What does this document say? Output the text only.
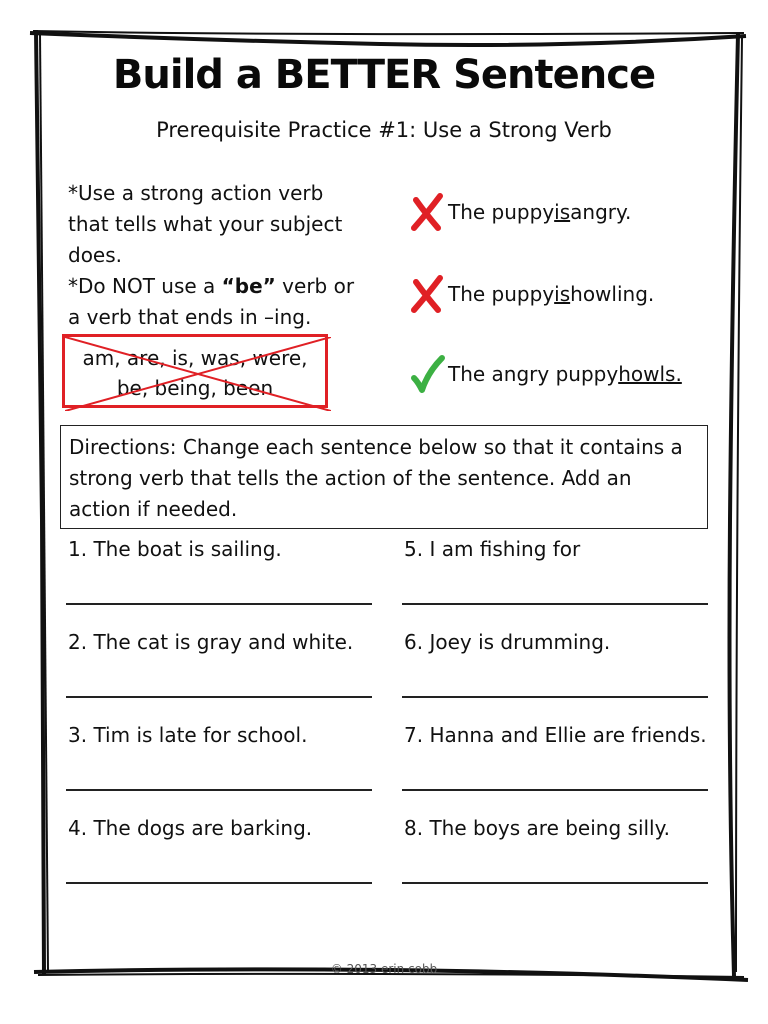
Build a BETTER Sentence
Prerequisite Practice #1: Use a Strong Verb

*Use a strong action verb that tells what your subject does.

*Do NOT use a “be” verb or a verb that ends in –ing.

am, are, is, was, were,
be, being, been
The puppy is angry.
The puppy is howling.
The angry puppy howls.
Directions: Change each sentence below so that it contains a strong verb that tells the action of the sentence. Add an action if needed.
1. The boat is sailing.
2. The cat is gray and white.
3. Tim is late for school.
4. The dogs are barking.
5. I am fishing for
6. Joey is drumming.
7. Hanna and Ellie are friends.
8. The boys are being silly.
© 2013 erin cobb
